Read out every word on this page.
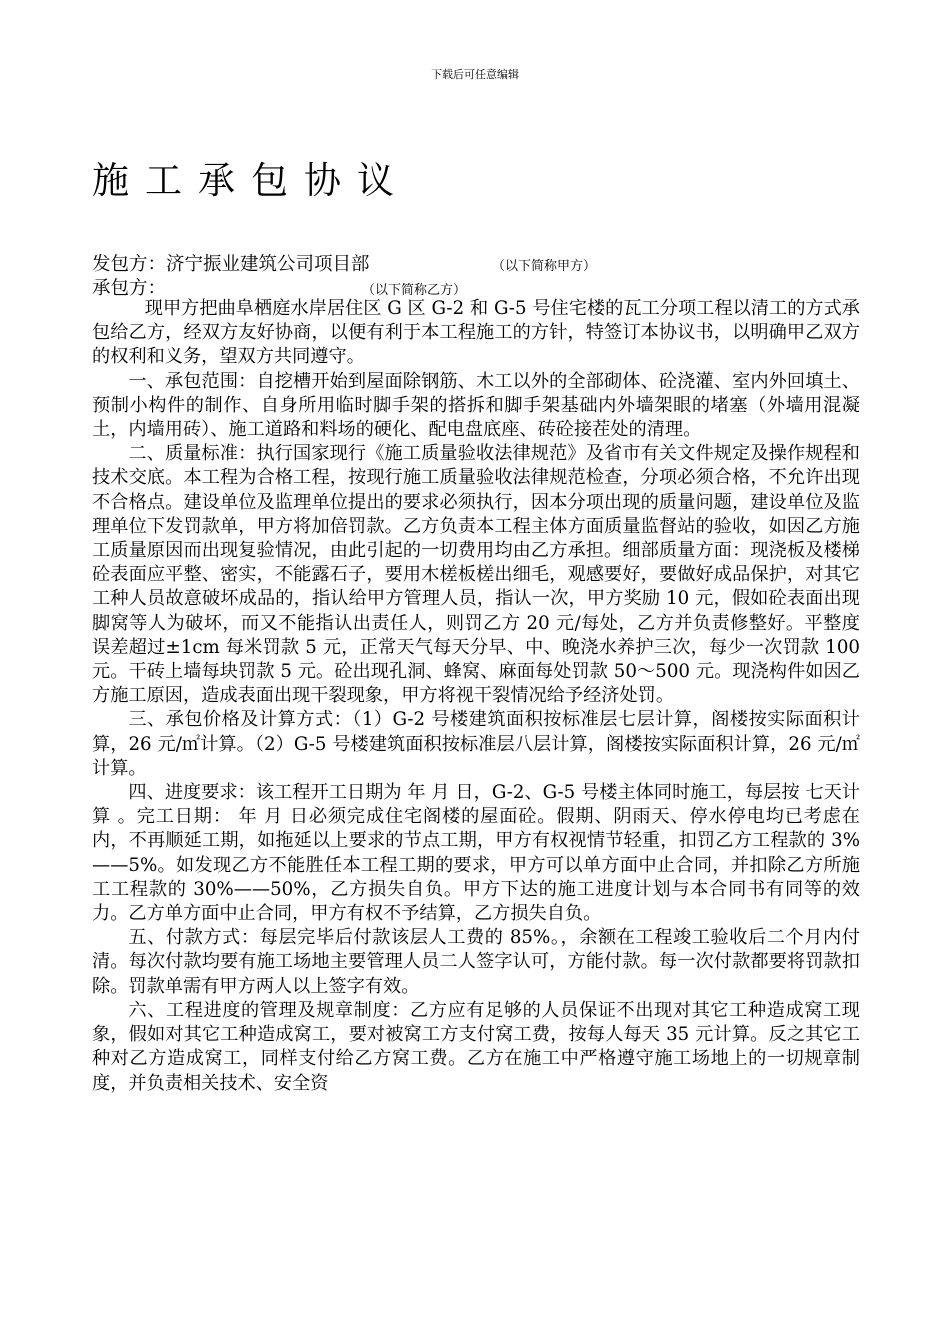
下载后可任意编辑
施工承包协议
发包方：济宁振业建筑公司项目部	（以下简称甲方）
承包方：	（以下简称乙方）

现甲方把曲阜栖庭水岸居住区 G 区 G-2 和 G-5 号住宅楼的瓦工分项工程以清工的方式承包给乙方，经双方友好协商，以便有利于本工程施工的方针，特签订本协议书，以明确甲乙双方的权利和义务，望双方共同遵守。

一、承包范围：自挖槽开始到屋面除钢筋、木工以外的全部砌体、砼浇灌、室内外回填土、预制小构件的制作、自身所用临时脚手架的搭拆和脚手架基础内外墙架眼的堵塞（外墙用混凝土，内墙用砖）、施工道路和料场的硬化、配电盘底座、砖砼接茬处的清理。

二、质量标准：执行国家现行《施工质量验收法律规范》及省市有关文件规定及操作规程和技术交底。本工程为合格工程，按现行施工质量验收法律规范检查，分项必须合格，不允许出现不合格点。建设单位及监理单位提出的要求必须执行，因本分项出现的质量问题，建设单位及监理单位下发罚款单，甲方将加倍罚款。乙方负责本工程主体方面质量监督站的验收，如因乙方施工质量原因而出现复验情况，由此引起的一切费用均由乙方承担。细部质量方面：现浇板及楼梯砼表面应平整、密实，不能露石子，要用木槎板槎出细毛，观感要好，要做好成品保护，对其它工种人员故意破坏成品的，指认给甲方管理人员，指认一次，甲方奖励 10 元，假如砼表面出现脚窝等人为破坏，而又不能指认出责任人，则罚乙方 20 元/每处，乙方并负责修整好。平整度误差超过±1cm 每米罚款 5 元，正常天气每天分早、中、晚浇水养护三次，每少一次罚款 100 元。干砖上墙每块罚款 5 元。砼出现孔洞、蜂窝、麻面每处罚款 50～500 元。现浇构件如因乙方施工原因，造成表面出现干裂现象，甲方将视干裂情况给予经济处罚。

三、承包价格及计算方式：（1）G-2 号楼建筑面积按标准层七层计算，阁楼按实际面积计算，26 元/㎡计算。（2）G-5 号楼建筑面积按标准层八层计算，阁楼按实际面积计算，26 元/㎡计算。

四、进度要求：该工程开工日期为 年 月 日，G-2、G-5 号楼主体同时施工，每层按 七天计算 。完工日期： 年 月 日必须完成住宅阁楼的屋面砼。假期、阴雨天、停水停电均已考虑在内，不再顺延工期，如拖延以上要求的节点工期，甲方有权视情节轻重，扣罚乙方工程款的 3%——5%。如发现乙方不能胜任本工程工期的要求，甲方可以单方面中止合同，并扣除乙方所施工工程款的 30%——50%，乙方损失自负。甲方下达的施工进度计划与本合同书有同等的效力。乙方单方面中止合同，甲方有权不予结算，乙方损失自负。

五、付款方式：每层完毕后付款该层人工费的 85%。，余额在工程竣工验收后二个月内付清。每次付款均要有施工场地主要管理人员二人签字认可，方能付款。每一次付款都要将罚款扣除。罚款单需有甲方两人以上签字有效。

六、工程进度的管理及规章制度：乙方应有足够的人员保证不出现对其它工种造成窝工现象，假如对其它工种造成窝工，要对被窝工方支付窝工费，按每人每天 35 元计算。反之其它工种对乙方造成窝工，同样支付给乙方窝工费。乙方在施工中严格遵守施工场地上的一切规章制度，并负责相关技术、安全资
